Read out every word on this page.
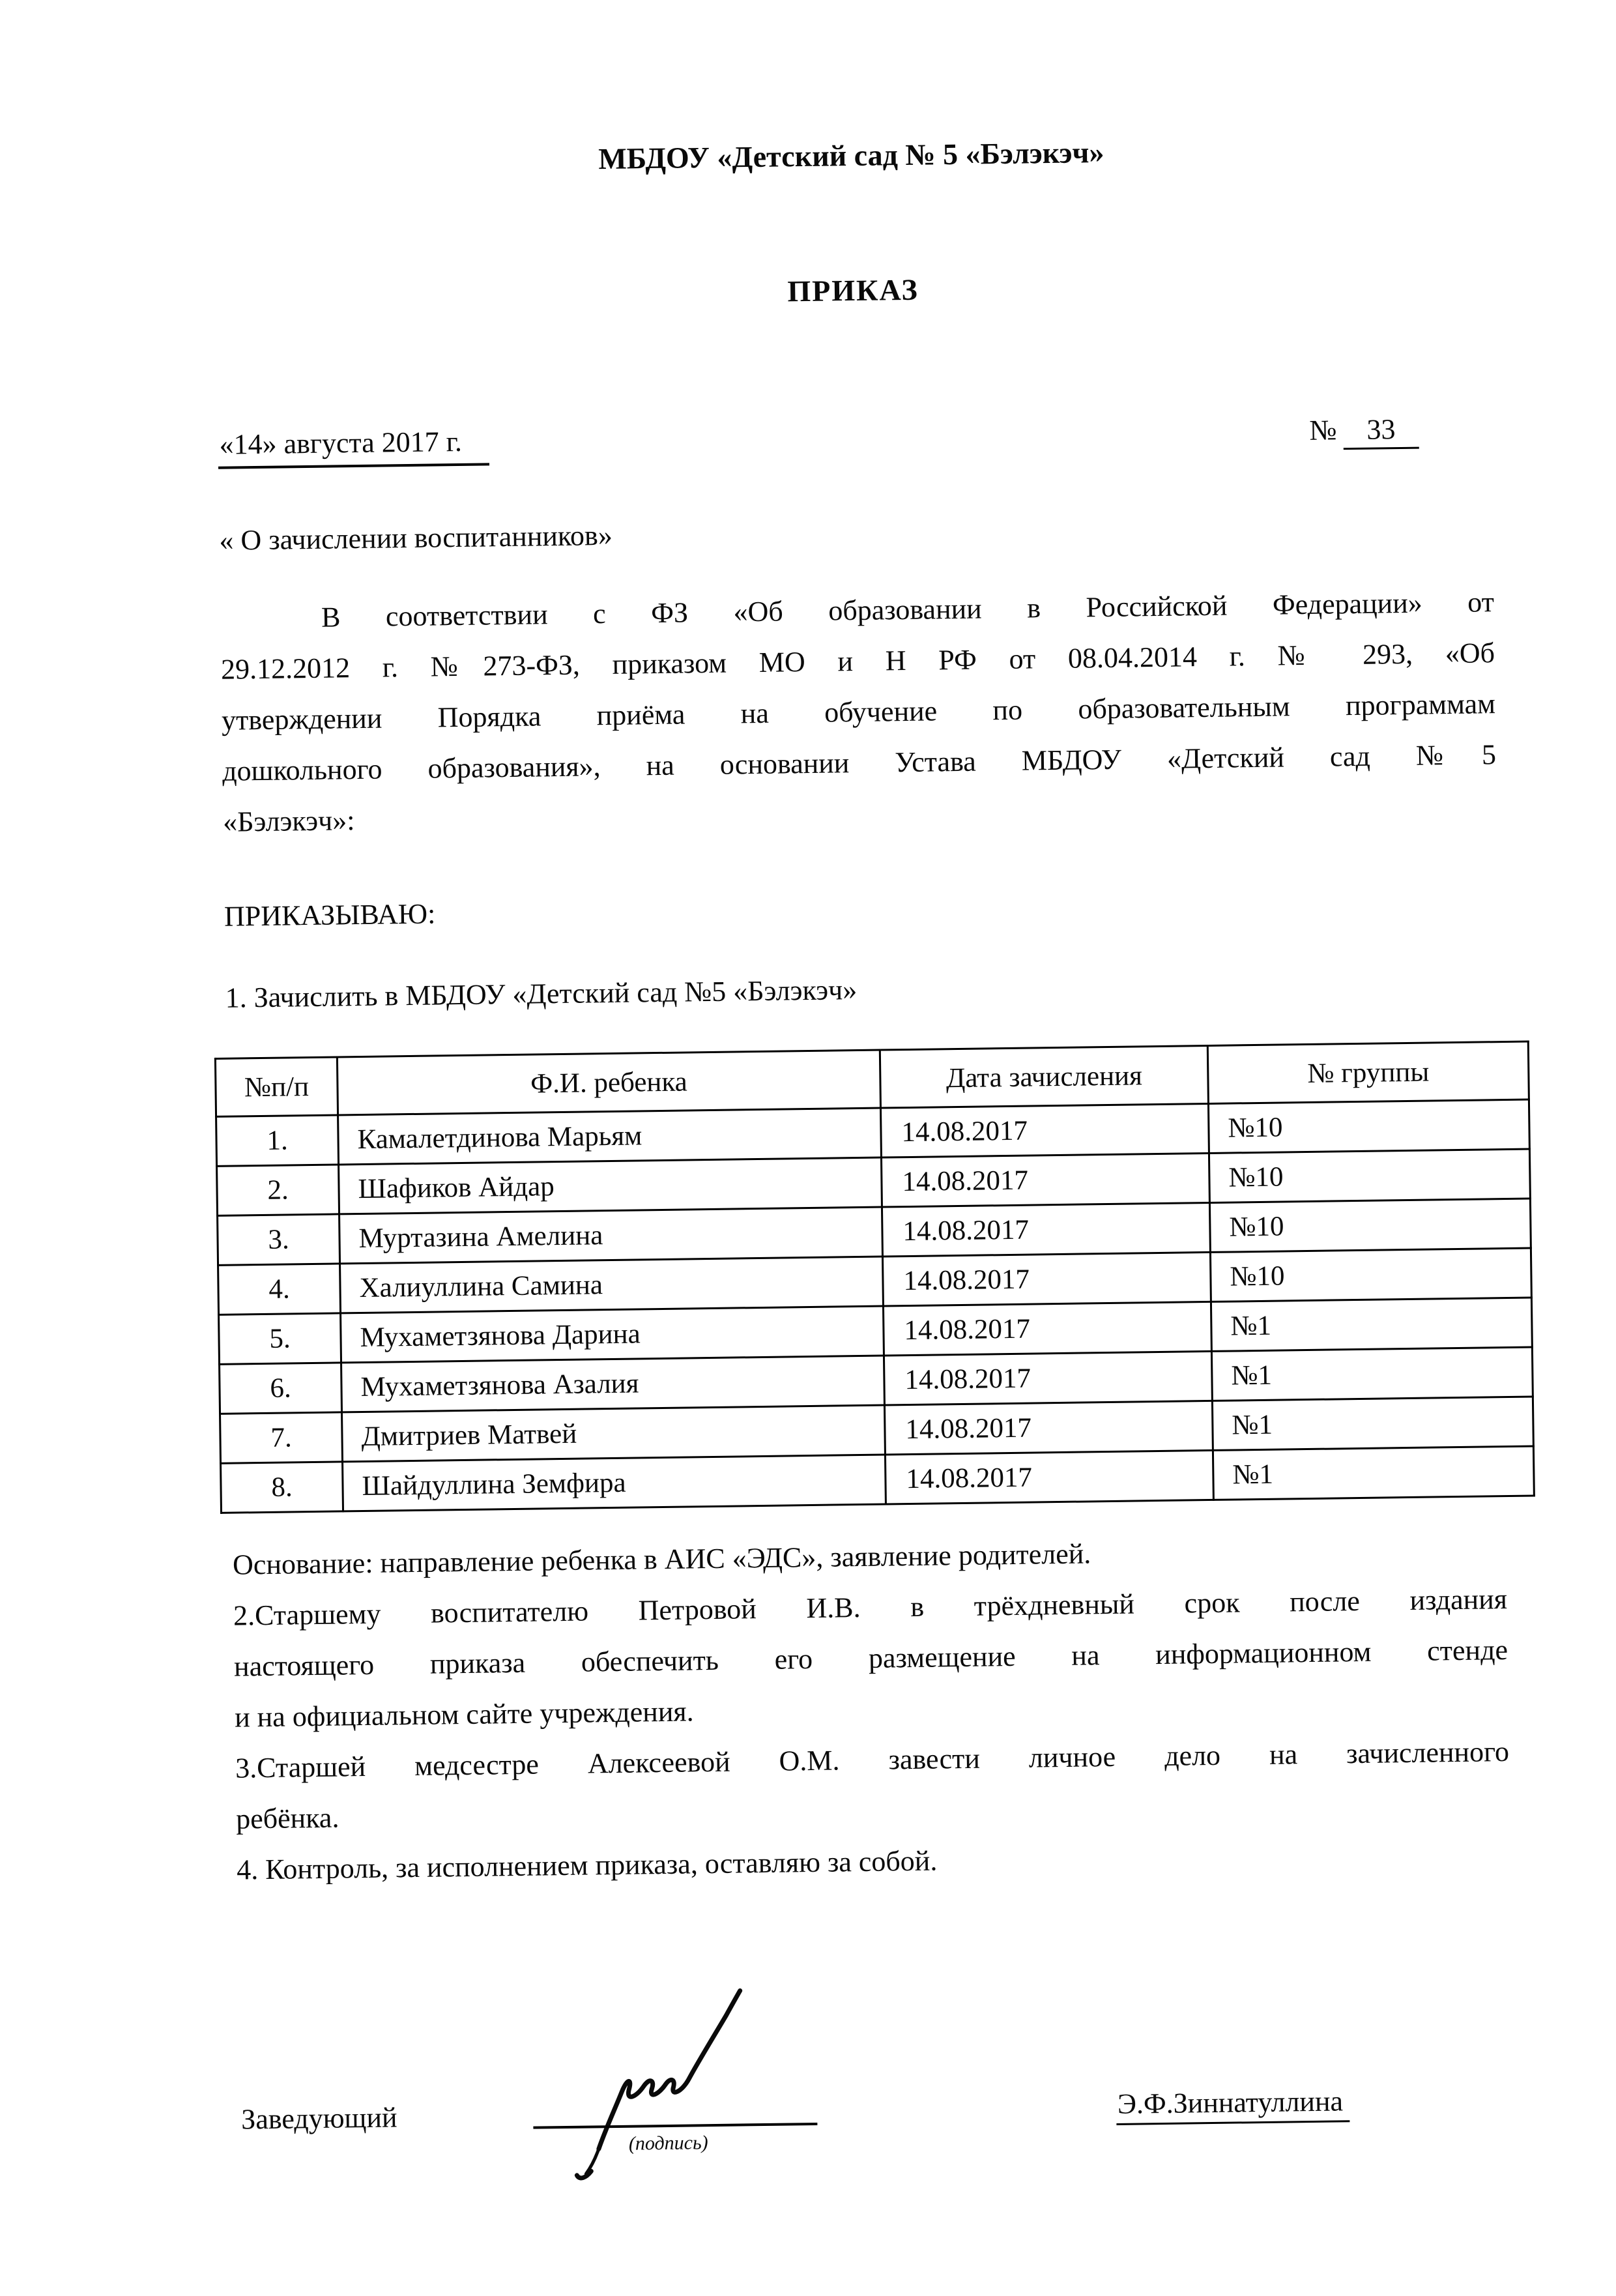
МБДОУ «Детский сад № 5 «Бэлэкэч»
ПРИКАЗ
«14» августа 2017 г.	№ 33
« О зачислении воспитанников»
В соответствии с ФЗ «Об образовании в Российской Федерации» от
29.12.2012 г. №273-ФЗ, приказом МО и Н РФ от 08.04.2014 г. № 293, «Об
утверждении Порядка приёма на обучение по образовательным программам
дошкольного образования», на основании Устава МБДОУ «Детский сад №5
«Бэлэкэч»:
ПРИКАЗЫВАЮ:
1. Зачислить в МБДОУ «Детский сад №5 «Бэлэкэч»
№п/п	Ф.И. ребенка	Дата зачисления	№ группы
1.	Камалетдинова Марьям	14.08.2017	№10
2.	Шафиков Айдар	14.08.2017	№10
3.	Муртазина Амелина	14.08.2017	№10
4.	Халиуллина Самина	14.08.2017	№10
5.	Мухаметзянова Дарина	14.08.2017	№1
6.	Мухаметзянова Азалия	14.08.2017	№1
7.	Дмитриев Матвей	14.08.2017	№1
8.	Шайдуллина Земфира	14.08.2017	№1
Основание: направление ребенка в АИС «ЭДС», заявление родителей.
2.Старшему воспитателю Петровой И.В. в трёхдневный срок после издания
настоящего приказа обеспечить его размещение на информационном стенде
и на официальном сайте учреждения.
3.Старшей медсестре Алексеевой О.М. завести личное дело на зачисленного
ребёнка.
4. Контроль, за исполнением приказа, оставляю за собой.
Заведующий
(подпись)
Э.Ф.Зиннатуллина
